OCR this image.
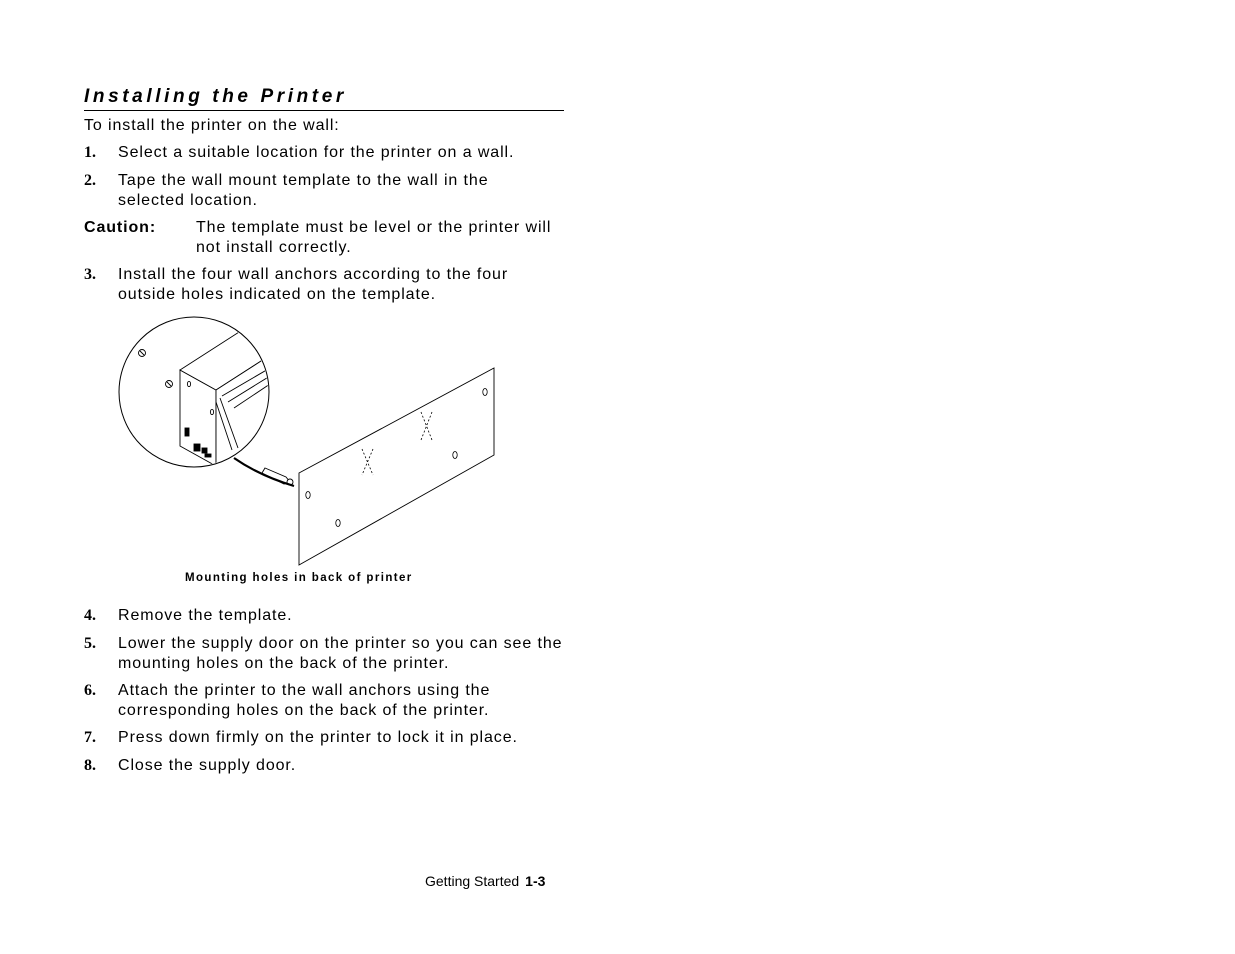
Installing the Printer
To install the printer on the wall:
1. Select a suitable location for the printer on a wall.
2. Tape the wall mount template to the wall in the selected location.
Caution: The template must be level or the printer will not install correctly.
3. Install the four wall anchors according to the four outside holes indicated on the template.
Mounting holes in back of printer
4. Remove the template.
5. Lower the supply door on the printer so you can see the mounting holes on the back of the printer.
6. Attach the printer to the wall anchors using the corresponding holes on the back of the printer.
7. Press down firmly on the printer to lock it in place.
8. Close the supply door.
Getting Started 1-3
